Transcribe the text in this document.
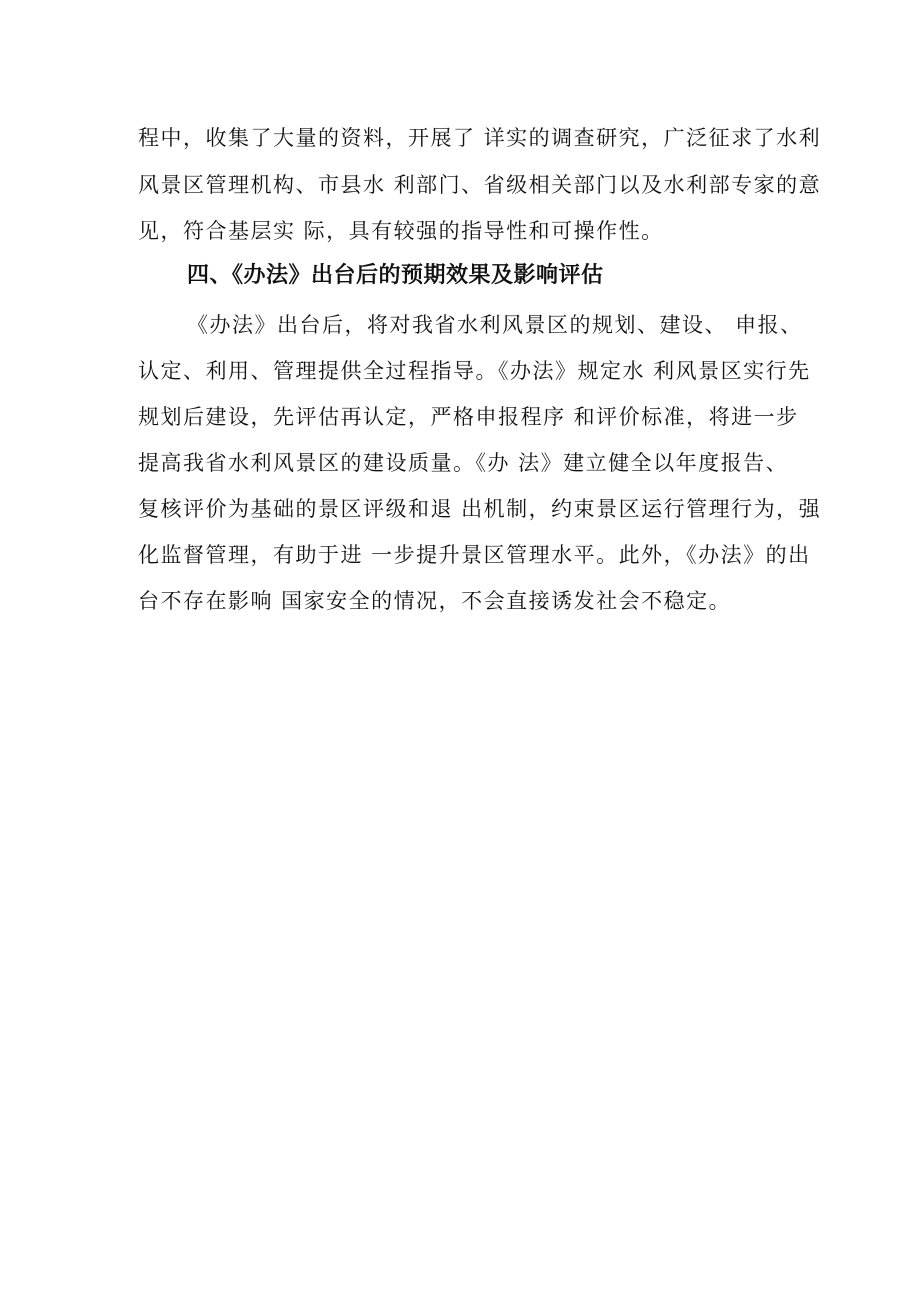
程中，收集了大量的资料，开展了 详实的调查研究，广泛征求了水利
风景区管理机构、市县水 利部门、省级相关部门以及水利部专家的意
见，符合基层实 际，具有较强的指导性和可操作性。
四、《办法》出台后的预期效果及影响评估
《办法》出台后，将对我省水利风景区的规划、建设、 申报、
认定、利用、管理提供全过程指导。《办法》规定水 利风景区实行先
规划后建设，先评估再认定，严格申报程序 和评价标准，将进一步
提高我省水利风景区的建设质量。《办 法》建立健全以年度报告、
复核评价为基础的景区评级和退 出机制，约束景区运行管理行为，强
化监督管理，有助于进 一步提升景区管理水平。此外，《办法》的出
台不存在影响 国家安全的情况，不会直接诱发社会不稳定。
